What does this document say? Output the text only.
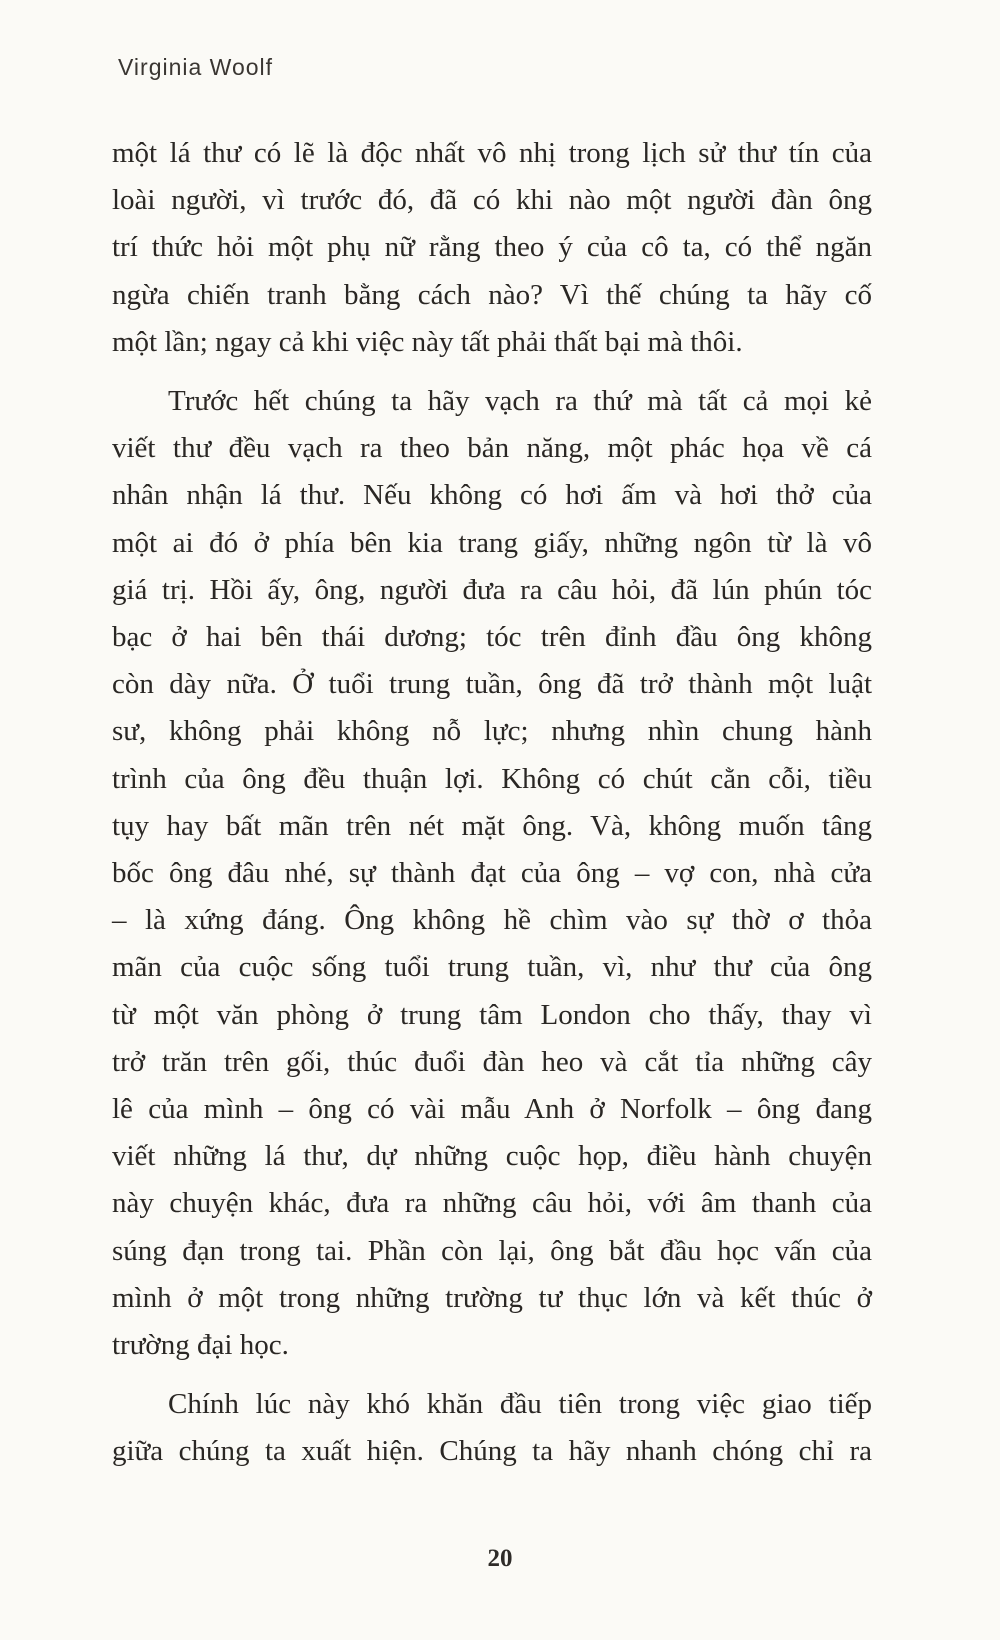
Virginia Woolf

một lá thư có lẽ là độc nhất vô nhị trong lịch sử thư tín của
loài người, vì trước đó, đã có khi nào một người đàn ông
trí thức hỏi một phụ nữ rằng theo ý của cô ta, có thể ngăn
ngừa chiến tranh bằng cách nào? Vì thế chúng ta hãy cố
một lần; ngay cả khi việc này tất phải thất bại mà thôi.

Trước hết chúng ta hãy vạch ra thứ mà tất cả mọi kẻ
viết thư đều vạch ra theo bản năng, một phác họa về cá
nhân nhận lá thư. Nếu không có hơi ấm và hơi thở của
một ai đó ở phía bên kia trang giấy, những ngôn từ là vô
giá trị. Hồi ấy, ông, người đưa ra câu hỏi, đã lún phún tóc
bạc ở hai bên thái dương; tóc trên đỉnh đầu ông không
còn dày nữa. Ở tuổi trung tuần, ông đã trở thành một luật
sư, không phải không nỗ lực; nhưng nhìn chung hành
trình của ông đều thuận lợi. Không có chút cằn cỗi, tiều
tụy hay bất mãn trên nét mặt ông. Và, không muốn tâng
bốc ông đâu nhé, sự thành đạt của ông – vợ con, nhà cửa
– là xứng đáng. Ông không hề chìm vào sự thờ ơ thỏa
mãn của cuộc sống tuổi trung tuần, vì, như thư của ông
từ một văn phòng ở trung tâm London cho thấy, thay vì
trở trăn trên gối, thúc đuổi đàn heo và cắt tỉa những cây
lê của mình – ông có vài mẫu Anh ở Norfolk – ông đang
viết những lá thư, dự những cuộc họp, điều hành chuyện
này chuyện khác, đưa ra những câu hỏi, với âm thanh của
súng đạn trong tai. Phần còn lại, ông bắt đầu học vấn của
mình ở một trong những trường tư thục lớn và kết thúc ở
trường đại học.

Chính lúc này khó khăn đầu tiên trong việc giao tiếp
giữa chúng ta xuất hiện. Chúng ta hãy nhanh chóng chỉ ra

20
